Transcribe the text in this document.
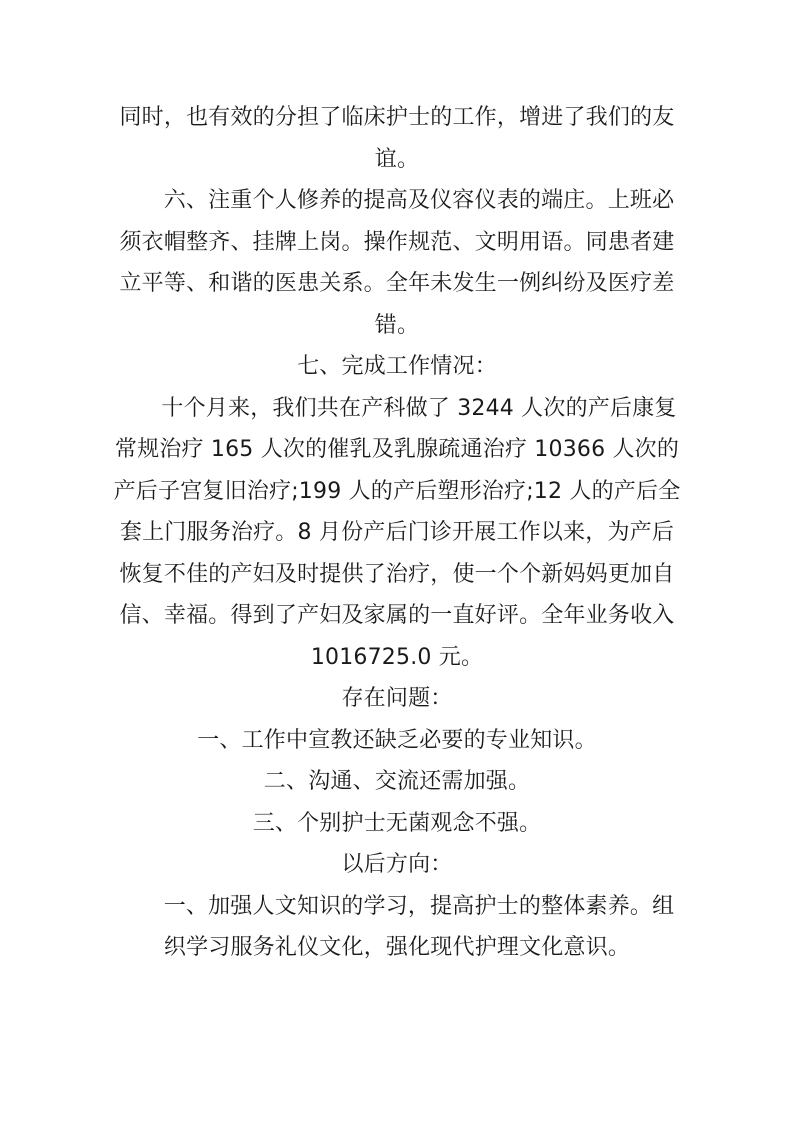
同时，也有效的分担了临床护士的工作，增进了我们的友谊。

六、注重个人修养的提高及仪容仪表的端庄。上班必须衣帽整齐、挂牌上岗。操作规范、文明用语。同患者建立平等、和谐的医患关系。全年未发生一例纠纷及医疗差错。

七、完成工作情况：

十个月来，我们共在产科做了 3244 人次的产后康复常规治疗 165 人次的催乳及乳腺疏通治疗 10366 人次的产后子宫复旧治疗;199 人的产后塑形治疗;12 人的产后全套上门服务治疗。8 月份产后门诊开展工作以来，为产后恢复不佳的产妇及时提供了治疗，使一个个新妈妈更加自信、幸福。得到了产妇及家属的一直好评。全年业务收入 1016725.0 元。

存在问题：

一、工作中宣教还缺乏必要的专业知识。

二、沟通、交流还需加强。

三、个别护士无菌观念不强。

以后方向：

一、加强人文知识的学习，提高护士的整体素养。组织学习服务礼仪文化，强化现代护理文化意识。
